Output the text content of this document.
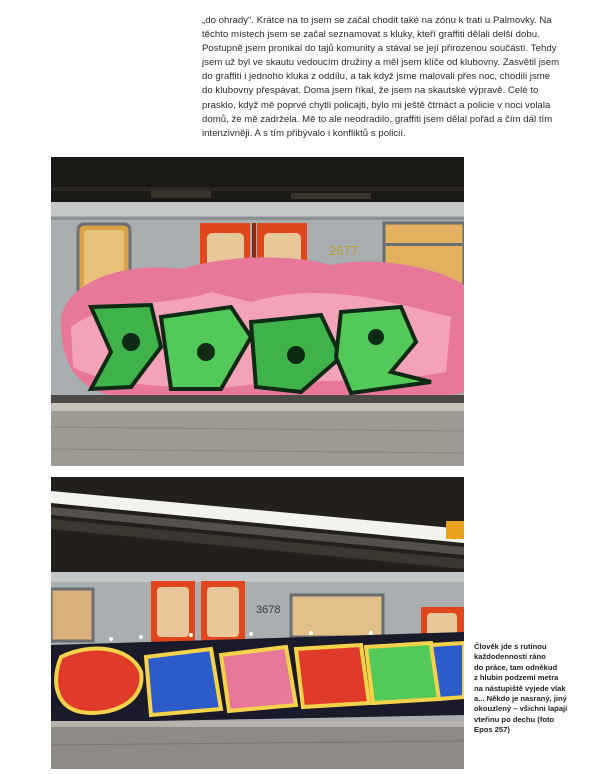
„do ohrady“. Krátce na to jsem se začal chodit také na zónu k trati u Palmovky. Na

těchto místech jsem se začal seznamovat s kluky, kteří graffiti dělali delší dobu.

Postupně jsem pronikal do tajů komunity a stával se její přirozenou součástí. Tehdy

jsem už byl ve skautu vedoucím družiny a měl jsem klíče od klubovny. Zasvětil jsem

do graffiti i jednoho kluka z oddílu, a tak když jsme malovali přes noc, chodili jsme

do klubovny přespávat. Doma jsem říkal, že jsem na skautské výpravě. Celé to

prasklo, když mě poprvé chytli policajti, bylo mi ještě čtrnáct a policie v noci volala

domů, že mě zadržela. Mě to ale neodradilo, graffiti jsem dělal pořád a čím dál tím

intenzivněji. A s tím přibývalo i konfliktů s policií.

2677
3678
Člověk jde s rutinou
každodenností ráno
do práce, tam odněkud
z hlubin podzemí metra
na nástupiště vyjede vlak
a... Někdo je nasraný, jiný
okouzlený – všichni lapají
vteřinu po dechu (foto
Epos 257)
